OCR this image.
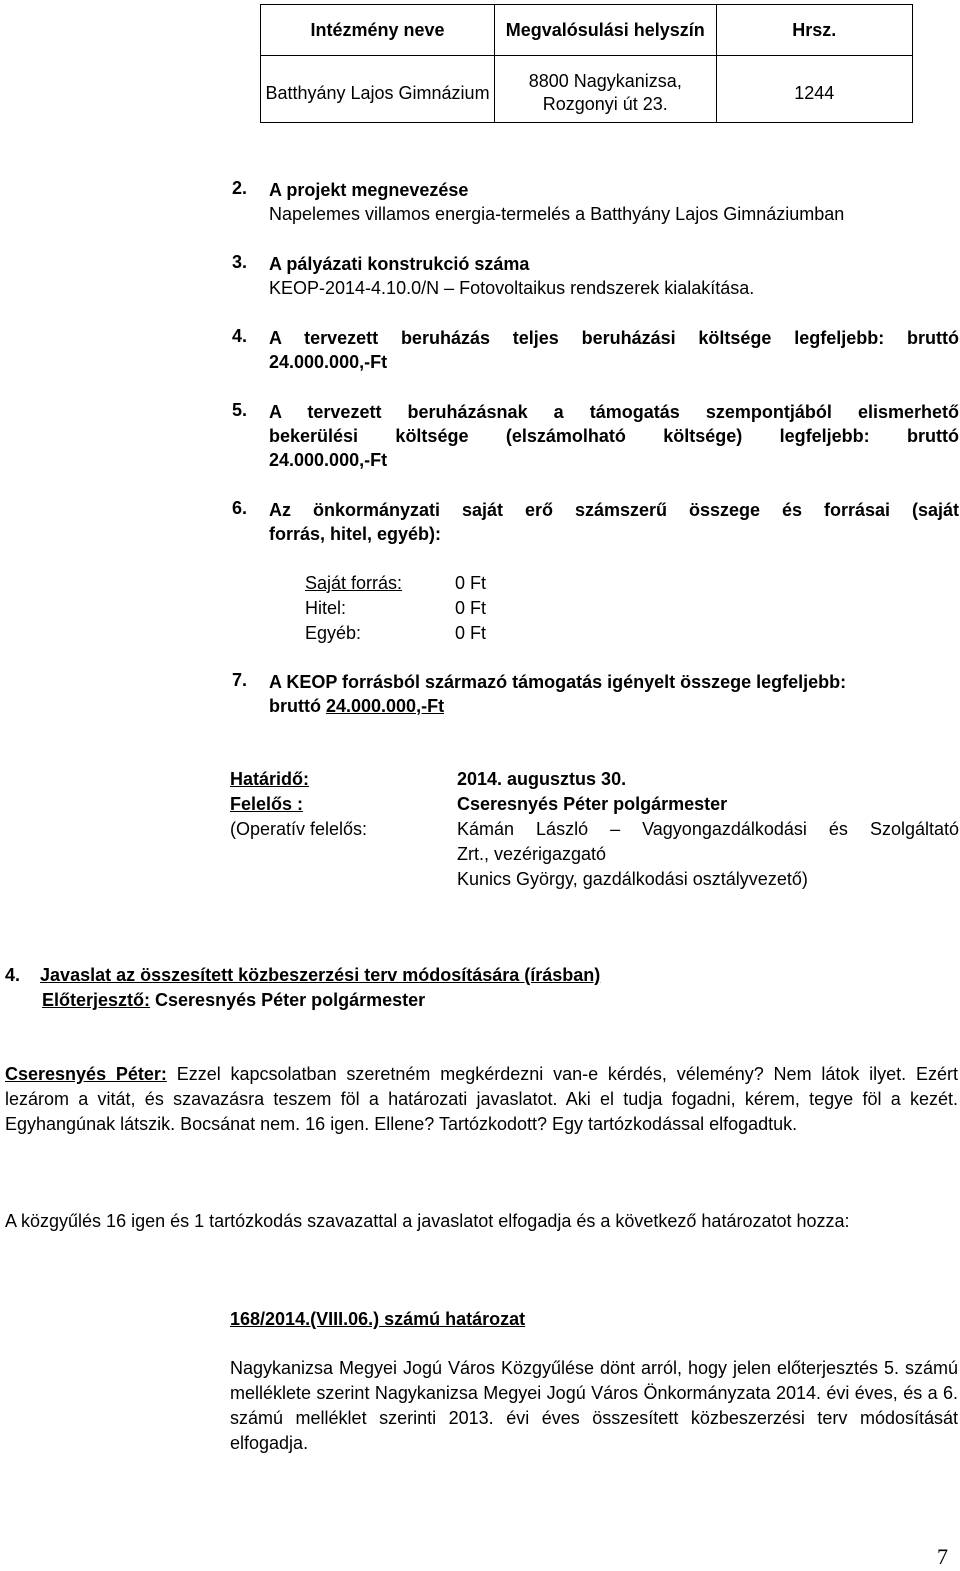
Intézmény neve	Megvalósulási helyszín	Hrsz.
Batthyány Lajos Gimnázium	8800 Nagykanizsa, Rozgonyi út 23.	1244
2. A projekt megnevezése
Napelemes villamos energia-termelés a Batthyány Lajos Gimnáziumban
3. A pályázati konstrukció száma
KEOP-2014-4.10.0/N – Fotovoltaikus rendszerek kialakítása.
4. A tervezett beruházás teljes beruházási költsége legfeljebb: bruttó
24.000.000,-Ft
5. A tervezett beruházásnak a támogatás szempontjából elismerhető
bekerülési költsége (elszámolható költsége) legfeljebb: bruttó
24.000.000,-Ft
6. Az önkormányzati saját erő számszerű összege és forrásai (saját
forrás, hitel, egyéb):
Saját forrás:	0 Ft
Hitel:	0 Ft
Egyéb:	0 Ft
7. A KEOP forrásból származó támogatás igényelt összege legfeljebb:
bruttó 24.000.000,-Ft
Határidő:	2014. augusztus 30.
Felelős :	Cseresnyés Péter polgármester
(Operatív felelős:	Kámán László – Vagyongazdálkodási és Szolgáltató
Zrt., vezérigazgató
Kunics György, gazdálkodási osztályvezető)
4. Javaslat az összesített közbeszerzési terv módosítására (írásban)
Előterjesztő: Cseresnyés Péter polgármester
Cseresnyés Péter: Ezzel kapcsolatban szeretném megkérdezni van-e kérdés, vélemény? Nem látok ilyet. Ezért lezárom a vitát, és szavazásra teszem föl a határozati javaslatot. Aki el tudja fogadni, kérem, tegye föl a kezét. Egyhangúnak látszik. Bocsánat nem. 16 igen. Ellene? Tartózkodott? Egy tartózkodással elfogadtuk.
A közgyűlés 16 igen és 1 tartózkodás szavazattal a javaslatot elfogadja és a következő határozatot hozza:
168/2014.(VIII.06.) számú határozat
Nagykanizsa Megyei Jogú Város Közgyűlése dönt arról, hogy jelen előterjesztés 5. számú melléklete szerint Nagykanizsa Megyei Jogú Város Önkormányzata 2014. évi éves, és a 6. számú melléklet szerinti 2013. évi éves összesített közbeszerzési terv módosítását elfogadja.
7
